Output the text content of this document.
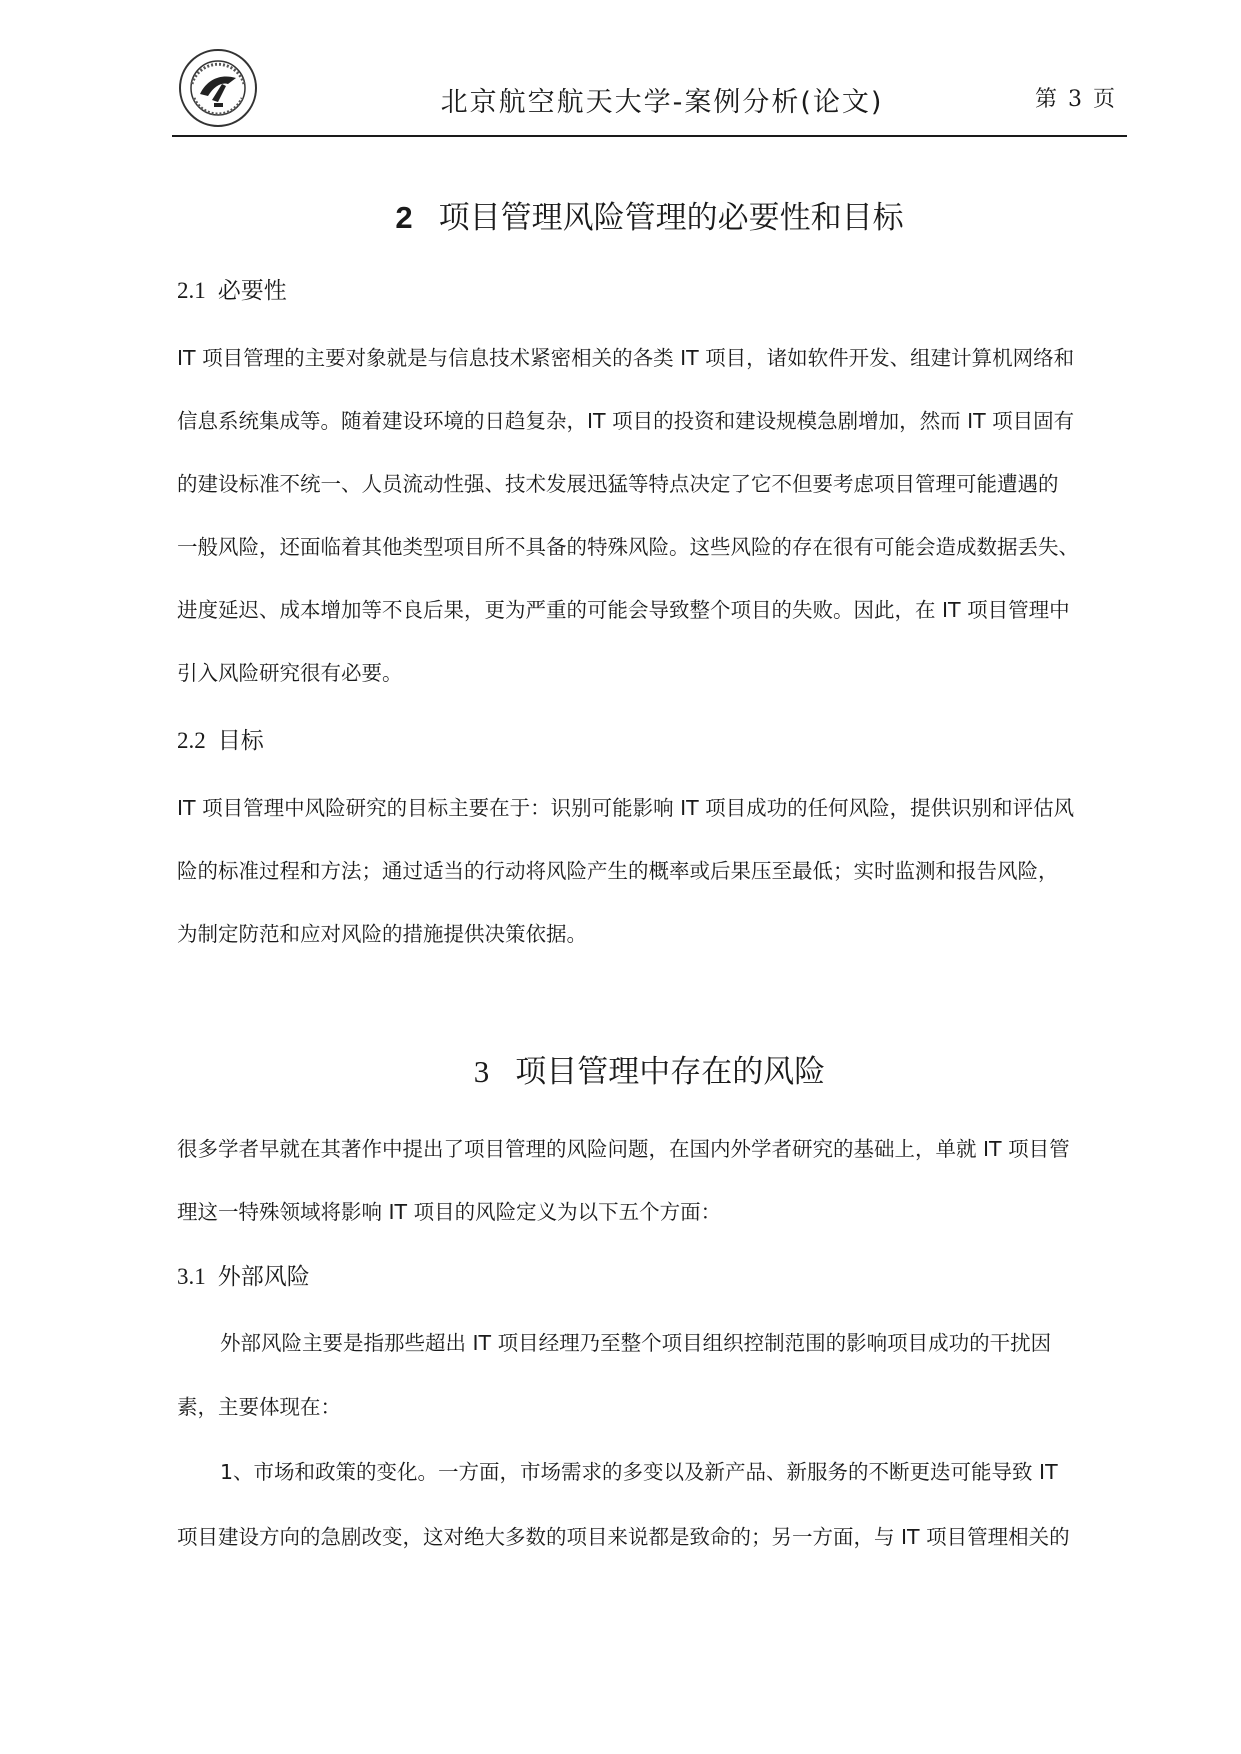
北京航空航天大学-案例分析(论文)	第 3 页
2 项目管理风险管理的必要性和目标
2.1 必要性
IT 项目管理的主要对象就是与信息技术紧密相关的各类 IT 项目，诸如软件开发、组建计算机网络和
信息系统集成等。随着建设环境的日趋复杂，IT 项目的投资和建设规模急剧增加，然而 IT 项目固有
的建设标准不统一、人员流动性强、技术发展迅猛等特点决定了它不但要考虑项目管理可能遭遇的
一般风险，还面临着其他类型项目所不具备的特殊风险。这些风险的存在很有可能会造成数据丢失、
进度延迟、成本增加等不良后果，更为严重的可能会导致整个项目的失败。因此，在 IT 项目管理中
引入风险研究很有必要。
2.2 目标
IT 项目管理中风险研究的目标主要在于：识别可能影响 IT 项目成功的任何风险，提供识别和评估风
险的标准过程和方法；通过适当的行动将风险产生的概率或后果压至最低；实时监测和报告风险，
为制定防范和应对风险的措施提供决策依据。
3 项目管理中存在的风险
很多学者早就在其著作中提出了项目管理的风险问题，在国内外学者研究的基础上，单就 IT 项目管
理这一特殊领域将影响 IT 项目的风险定义为以下五个方面：
3.1 外部风险
外部风险主要是指那些超出 IT 项目经理乃至整个项目组织控制范围的影响项目成功的干扰因
素，主要体现在：
1、市场和政策的变化。一方面，市场需求的多变以及新产品、新服务的不断更迭可能导致 IT
项目建设方向的急剧改变，这对绝大多数的项目来说都是致命的；另一方面，与 IT 项目管理相关的
